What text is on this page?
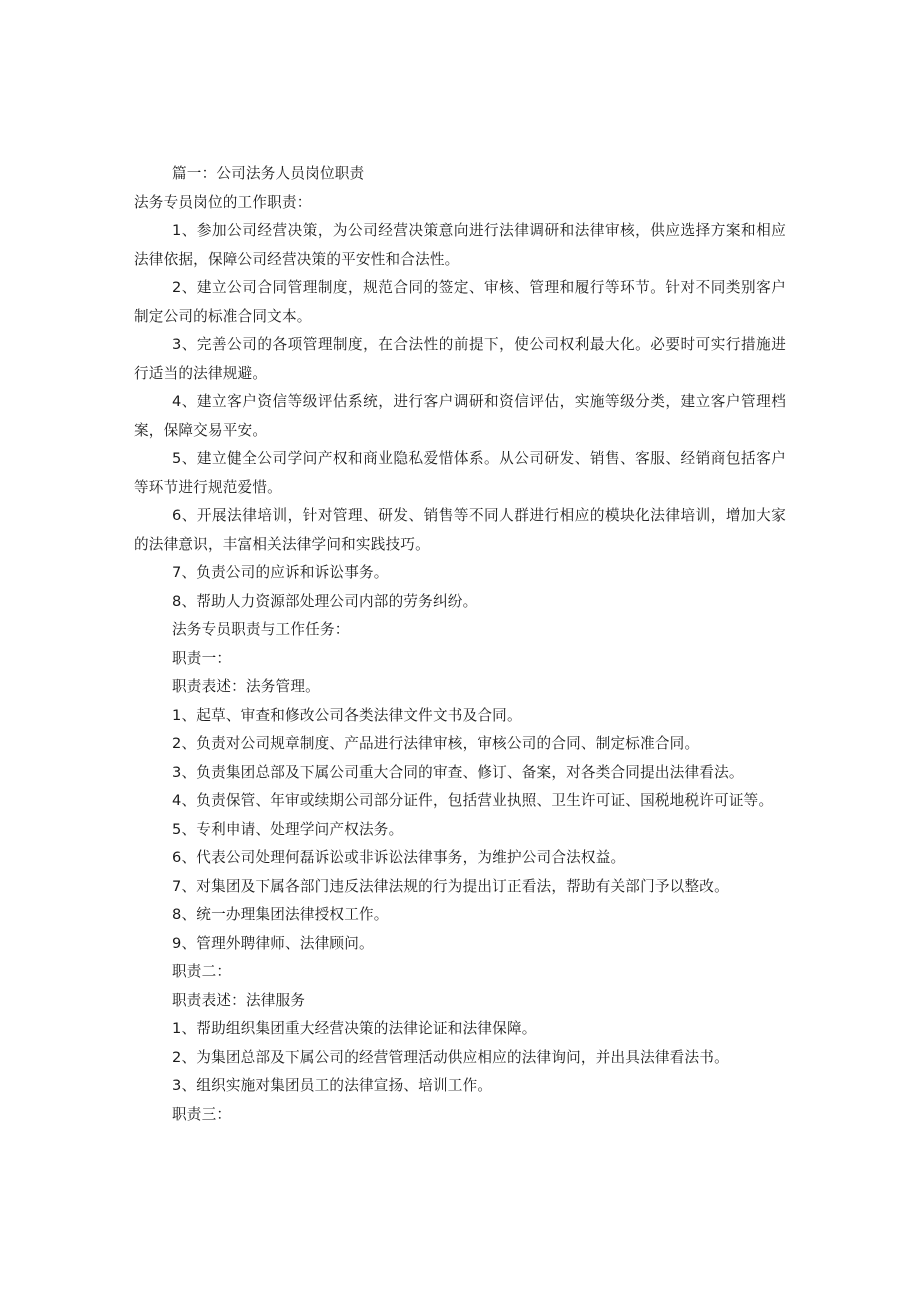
篇一：公司法务人员岗位职责

法务专员岗位的工作职责：

1、参加公司经营决策，为公司经营决策意向进行法律调研和法律审核，供应选择方案和相应法律依据，保障公司经营决策的平安性和合法性。

2、建立公司合同管理制度，规范合同的签定、审核、管理和履行等环节。针对不同类别客户制定公司的标准合同文本。

3、完善公司的各项管理制度，在合法性的前提下，使公司权利最大化。必要时可实行措施进行适当的法律规避。

4、建立客户资信等级评估系统，进行客户调研和资信评估，实施等级分类，建立客户管理档案，保障交易平安。

5、建立健全公司学问产权和商业隐私爱惜体系。从公司研发、销售、客服、经销商包括客户等环节进行规范爱惜。

6、开展法律培训，针对管理、研发、销售等不同人群进行相应的模块化法律培训，增加大家的法律意识，丰富相关法律学问和实践技巧。

7、负责公司的应诉和诉讼事务。

8、帮助人力资源部处理公司内部的劳务纠纷。

法务专员职责与工作任务：

职责一：

职责表述：法务管理。

1、起草、审查和修改公司各类法律文件文书及合同。

2、负责对公司规章制度、产品进行法律审核，审核公司的合同、制定标准合同。

3、负责集团总部及下属公司重大合同的审查、修订、备案，对各类合同提出法律看法。

4、负责保管、年审或续期公司部分证件，包括营业执照、卫生许可证、国税地税许可证等。

5、专利申请、处理学问产权法务。

6、代表公司处理何磊诉讼或非诉讼法律事务，为维护公司合法权益。

7、对集团及下属各部门违反法律法规的行为提出订正看法，帮助有关部门予以整改。

8、统一办理集团法律授权工作。

9、管理外聘律师、法律顾问。

职责二：

职责表述：法律服务

1、帮助组织集团重大经营决策的法律论证和法律保障。

2、为集团总部及下属公司的经营管理活动供应相应的法律询问，并出具法律看法书。

3、组织实施对集团员工的法律宣扬、培训工作。

职责三：
